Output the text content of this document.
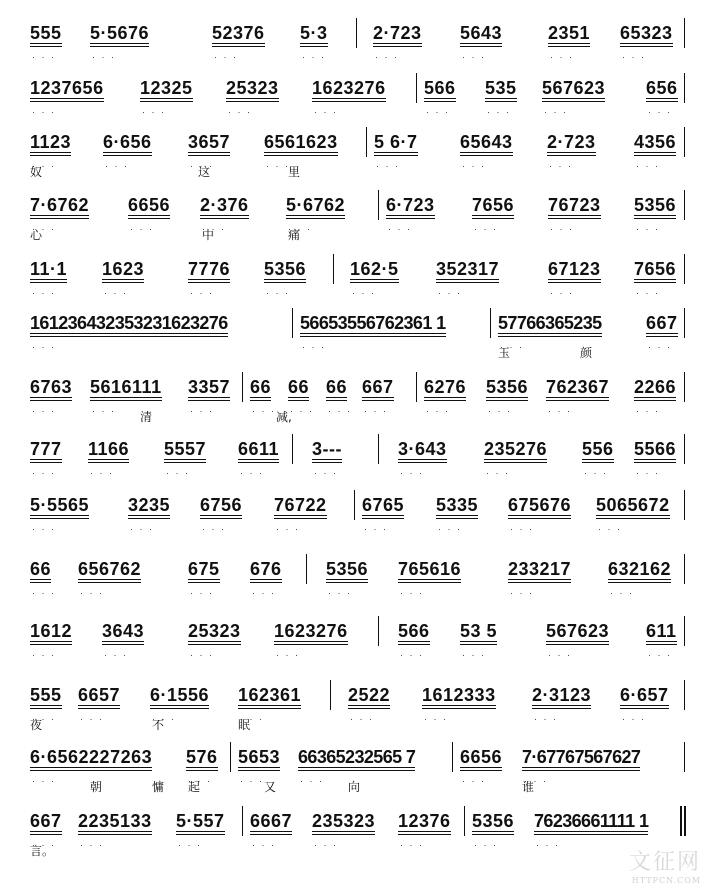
· · · 555 · · · 5·5676	· · · 52376 · · · 5·3	· · · 2·723 · · · 5643	· · · 2351 · · · 65323
· · · 1237656 · · · 12325 · · · 25323 · · · 1623276 · · · 566 · · · 535 · · · 567623 · · · 656
· · · 1123 · · · 6·656 · · · 3657 · · · 6561623 · · · 5 6·7 · · · 65643 · · · 2·723 · · · 4356
奴	这	里
· · · 7·6762 · · · 6656 · · · 2·376 · · · 5·6762 · · · 6·723 · · · 7656 · · · 76723 · · · 5356
心	中	痛
· · · 11·1 · · · 1623 · · · 7776 · · · 5356 · · · 162·5 · · · 352317	· · · 67123 · · · 7656
· · · 161236432353231623276	· · · 56653556762361 1	· · · 57766365235 · · · 667
玉	颜
· · · 6763 · · · 5616111 · · · 3357 · · · 66 · · · 66 · · · 66 · · · 667 · · · 6276 · · · 5356 · · · 762367 · · · 2266
清	减,
· · · 777 · · · 1166 · · · 5557 · · · 6611 · · · 3---	· · · 3·643 · · · 235276 · · · 556 · · · 5566
· · · 5·5565 · · · 3235 · · · 6756 · · · 76722 · · · 6765 · · · 5335 · · · 675676 · · · 5065672
· · · 66 · · · 656762	· · · 675 · · · 676 · · · 5356 · · · 765616	· · · 233217 · · · 632162
· · · 1612 · · · 3643 · · · 25323 · · · 1623276	· · · 566 · · · 53 5	· · · 567623 · · · 611
· · · 555 · · · 6657 · · · 6·1556 · · · 162361	· · · 2522 · · · 1612333 · · · 2·3123 · · · 6·657
夜	不	眠
· · · 6·6562227263 · · · 576 · · · 5653 · · · 66365232565 7 · · · 6656 · · · 7·67767567627
朝	慵 起	又	向	谁
· · · 667 · · · 2235133 · · · 5·557 · · · 6667 · · · 235323 · · · 12376 · · · 5356 · · · 76236661111 1
言。	文征网
HTTPCN.COM
